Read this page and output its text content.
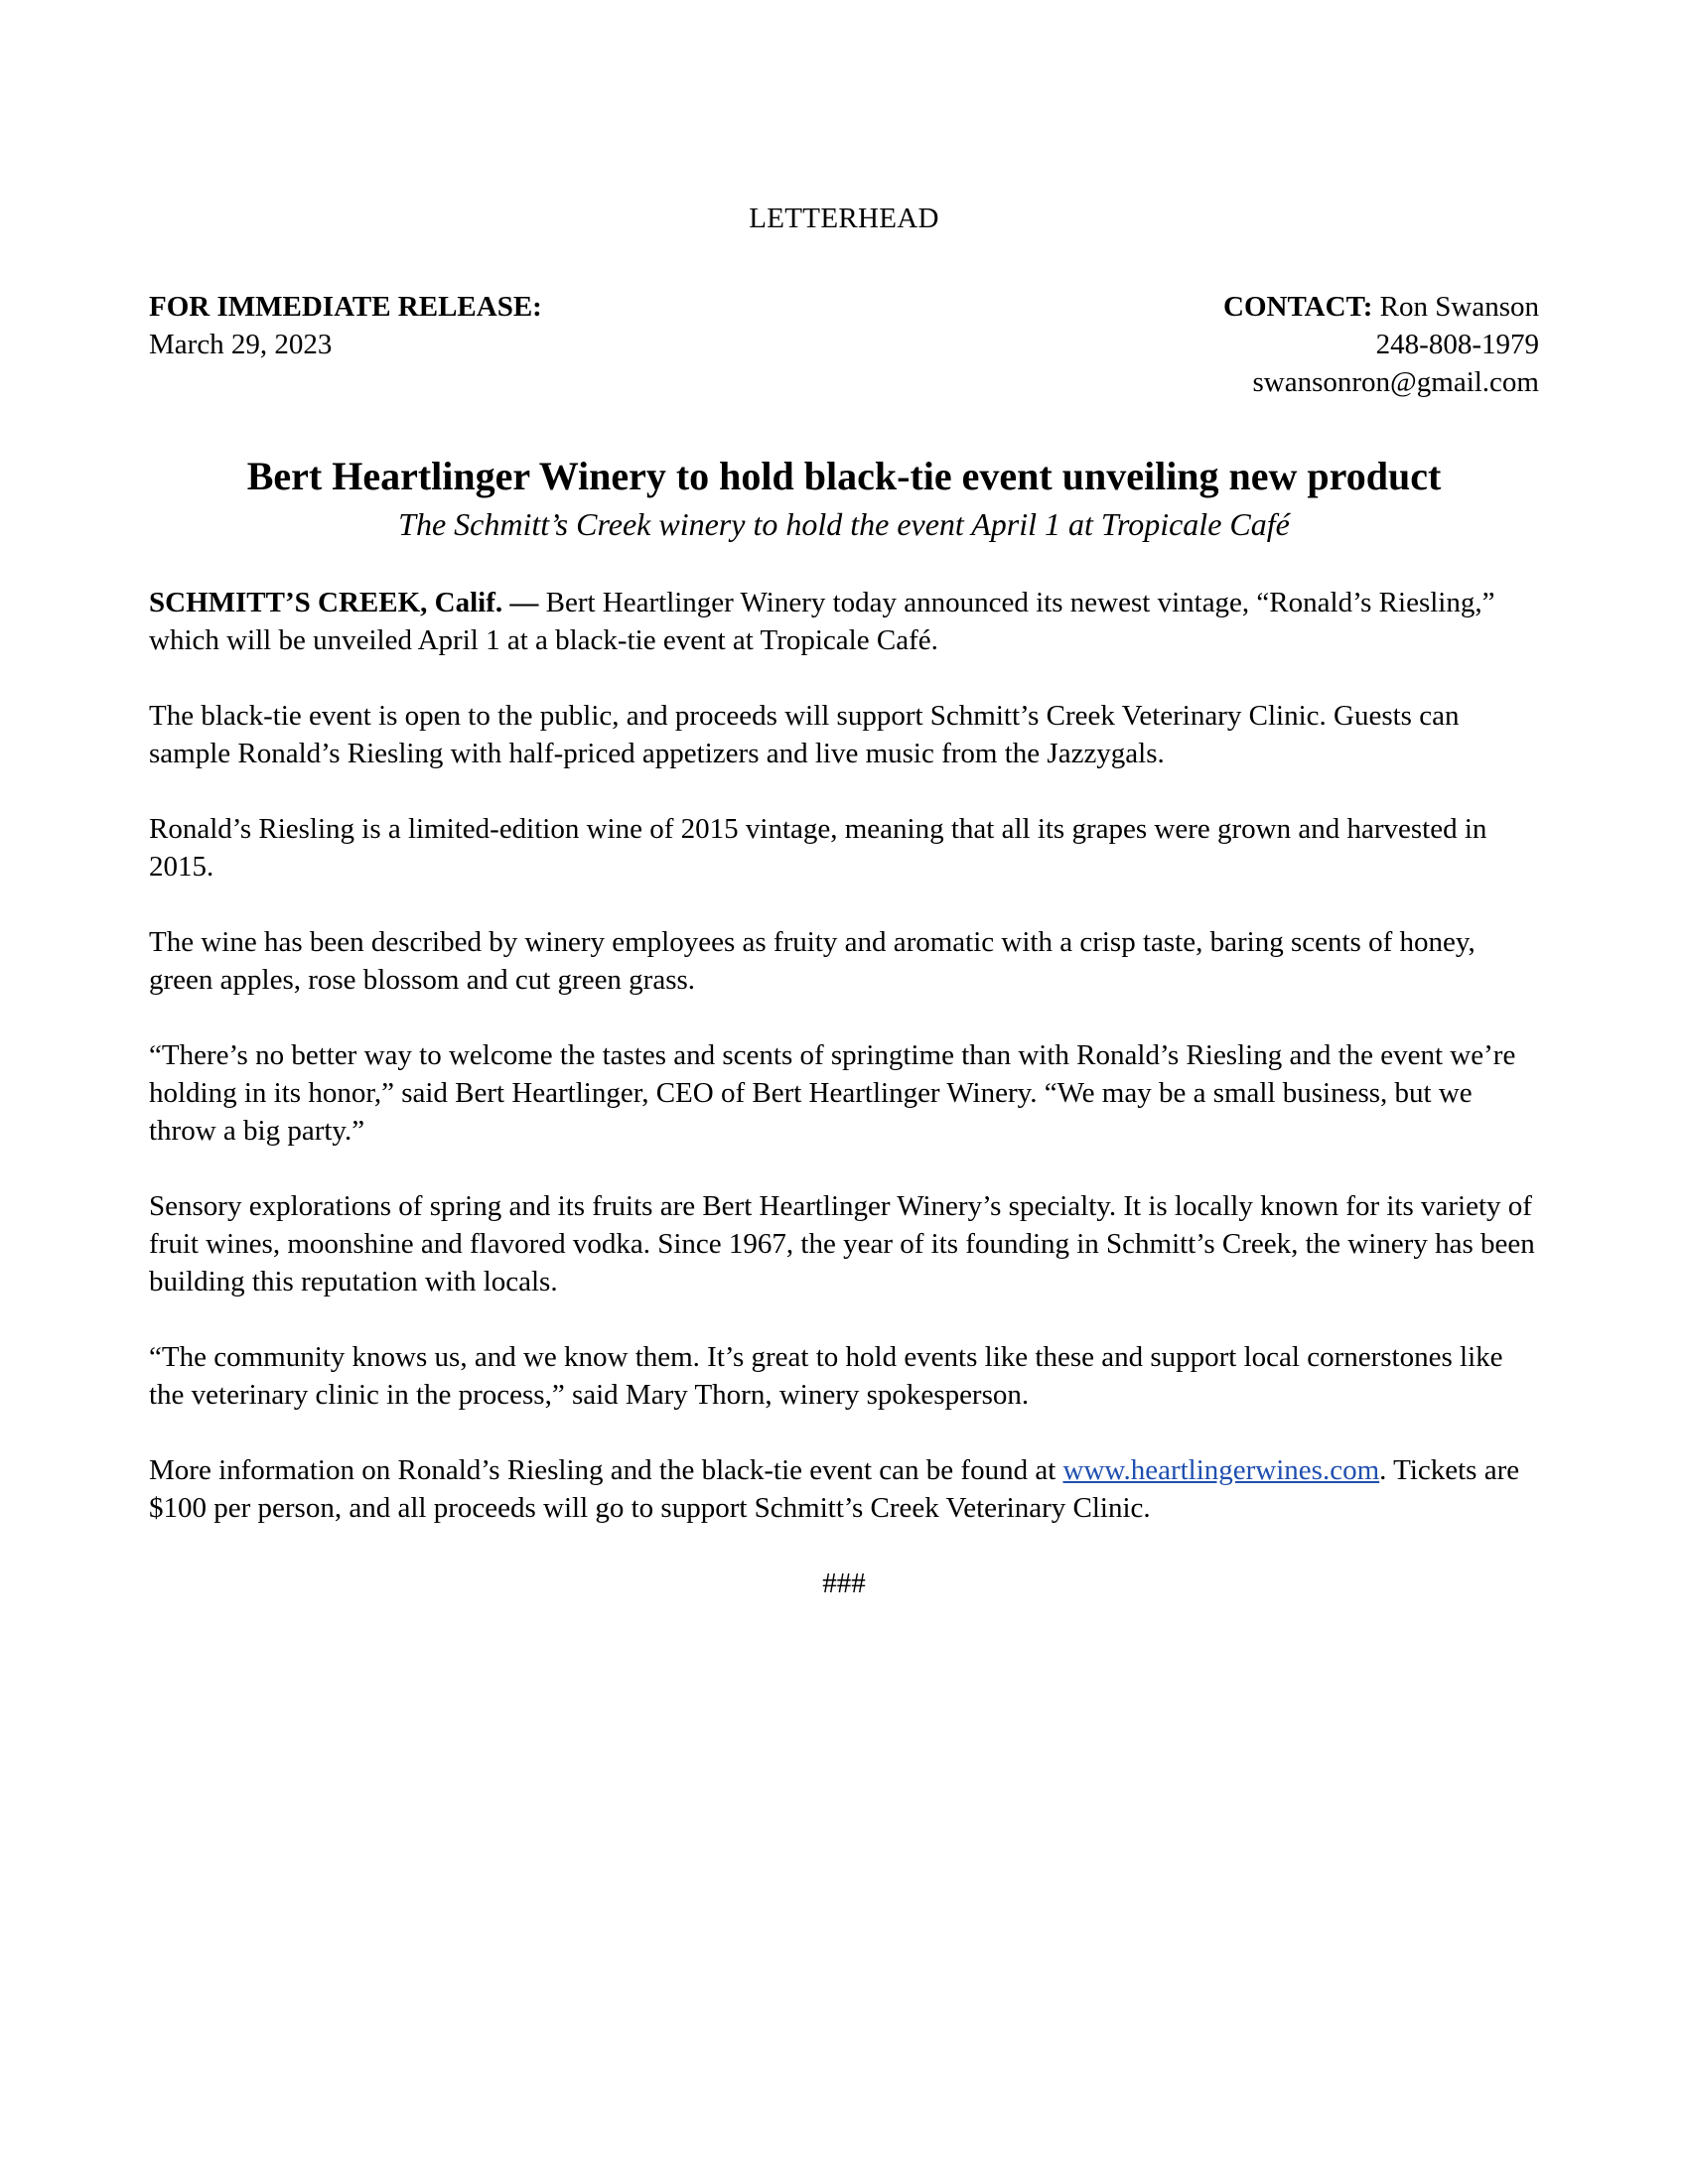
LETTERHEAD
FOR IMMEDIATE RELEASE:
March 29, 2023
CONTACT: Ron Swanson
248-808-1979
swansonron@gmail.com
Bert Heartlinger Winery to hold black-tie event unveiling new product
The Schmitt’s Creek winery to hold the event April 1 at Tropicale Café

SCHMITT’S CREEK, Calif. — Bert Heartlinger Winery today announced its newest vintage, “Ronald’s Riesling,” which will be unveiled April 1 at a black-tie event at Tropicale Café.

The black-tie event is open to the public, and proceeds will support Schmitt’s Creek Veterinary Clinic. Guests can sample Ronald’s Riesling with half-priced appetizers and live music from the Jazzygals.

Ronald’s Riesling is a limited-edition wine of 2015 vintage, meaning that all its grapes were grown and harvested in 2015.

The wine has been described by winery employees as fruity and aromatic with a crisp taste, baring scents of honey, green apples, rose blossom and cut green grass.

“There’s no better way to welcome the tastes and scents of springtime than with Ronald’s Riesling and the event we’re holding in its honor,” said Bert Heartlinger, CEO of Bert Heartlinger Winery. “We may be a small business, but we throw a big party.”

Sensory explorations of spring and its fruits are Bert Heartlinger Winery’s specialty. It is locally known for its variety of fruit wines, moonshine and flavored vodka. Since 1967, the year of its founding in Schmitt’s Creek, the winery has been building this reputation with locals.

“The community knows us, and we know them. It’s great to hold events like these and support local cornerstones like the veterinary clinic in the process,” said Mary Thorn, winery spokesperson.

More information on Ronald’s Riesling and the black-tie event can be found at www.heartlingerwines.com. Tickets are $100 per person, and all proceeds will go to support Schmitt’s Creek Veterinary Clinic.

###
